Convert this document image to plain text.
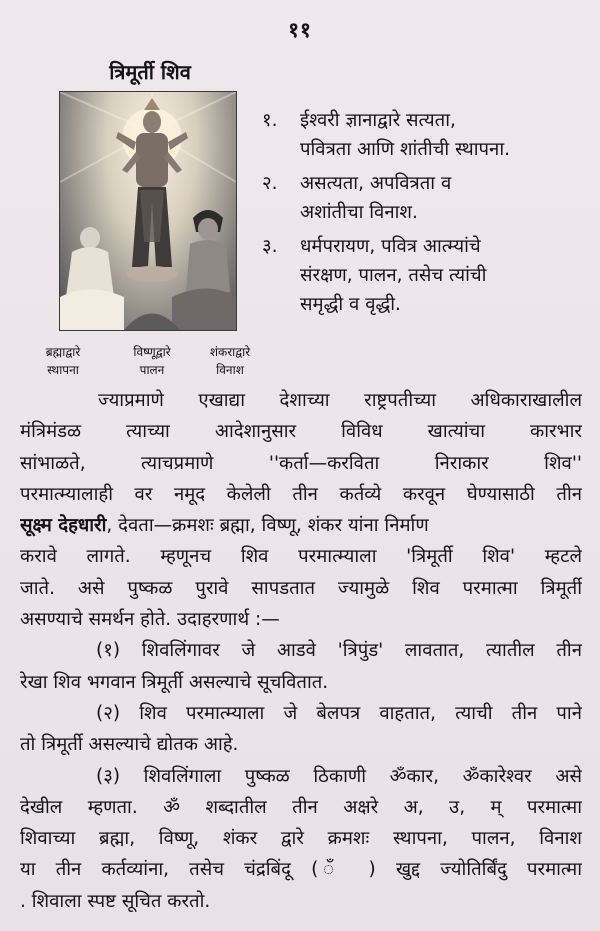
११
त्रिमूर्ती शिव
ब्रह्माद्वारे
स्थापना
विष्णूद्वारे
पालन
शंकराद्वारे
विनाश
१.	ईश्वरी ज्ञानाद्वारे सत्यता,
पवित्रता आणि शांतीची स्थापना.
२.	असत्यता, अपवित्रता व
अशांतीचा विनाश.
३.	धर्मपरायण, पवित्र आत्म्यांचे
संरक्षण, पालन, तसेच त्यांची
समृद्धी व वृद्धी.
ज्याप्रमाणे एखाद्या देशाच्या राष्ट्रपतीच्या अधिकाराखालील
मंत्रिमंडळ त्याच्या आदेशानुसार विविध खात्यांचा कारभार
सांभाळते, त्याचप्रमाणे ''कर्ता—करविता निराकार शिव''
परमात्म्यालाही वर नमूद केलेली तीन कर्तव्ये करवून घेण्यासाठी तीन
सूक्ष्म देहधारी, देवता—क्रमशः ब्रह्मा, विष्णू, शंकर यांना निर्माण
करावे लागते. म्हणूनच शिव परमात्म्याला 'त्रिमूर्ती शिव' म्हटले
जाते. असे पुष्कळ पुरावे सापडतात ज्यामुळे शिव परमात्मा त्रिमूर्ती
असण्याचे समर्थन होते. उदाहरणार्थ :—
(१) शिवलिंगावर जे आडवे 'त्रिपुंड' लावतात, त्यातील तीन
रेखा शिव भगवान त्रिमूर्ती असल्याचे सूचवितात.
(२) शिव परमात्म्याला जे बेलपत्र वाहतात, त्याची तीन पाने
तो त्रिमूर्ती असल्याचे द्योतक आहे.
(३) शिवलिंगाला पुष्कळ ठिकाणी ॐकार, ॐकारेश्वर असे
देखील म्हणता. ॐ शब्दातील तीन अक्षरे अ, उ, म् परमात्मा
शिवाच्या ब्रह्मा, विष्णू, शंकर द्वारे क्रमशः स्थापना, पालन, विनाश
या तीन कर्तव्यांना, तसेच चंद्रबिंदू ( ँ ) खुद्द ज्योतिर्बिंदु परमात्मा
. शिवाला स्पष्ट सूचित करतो.
